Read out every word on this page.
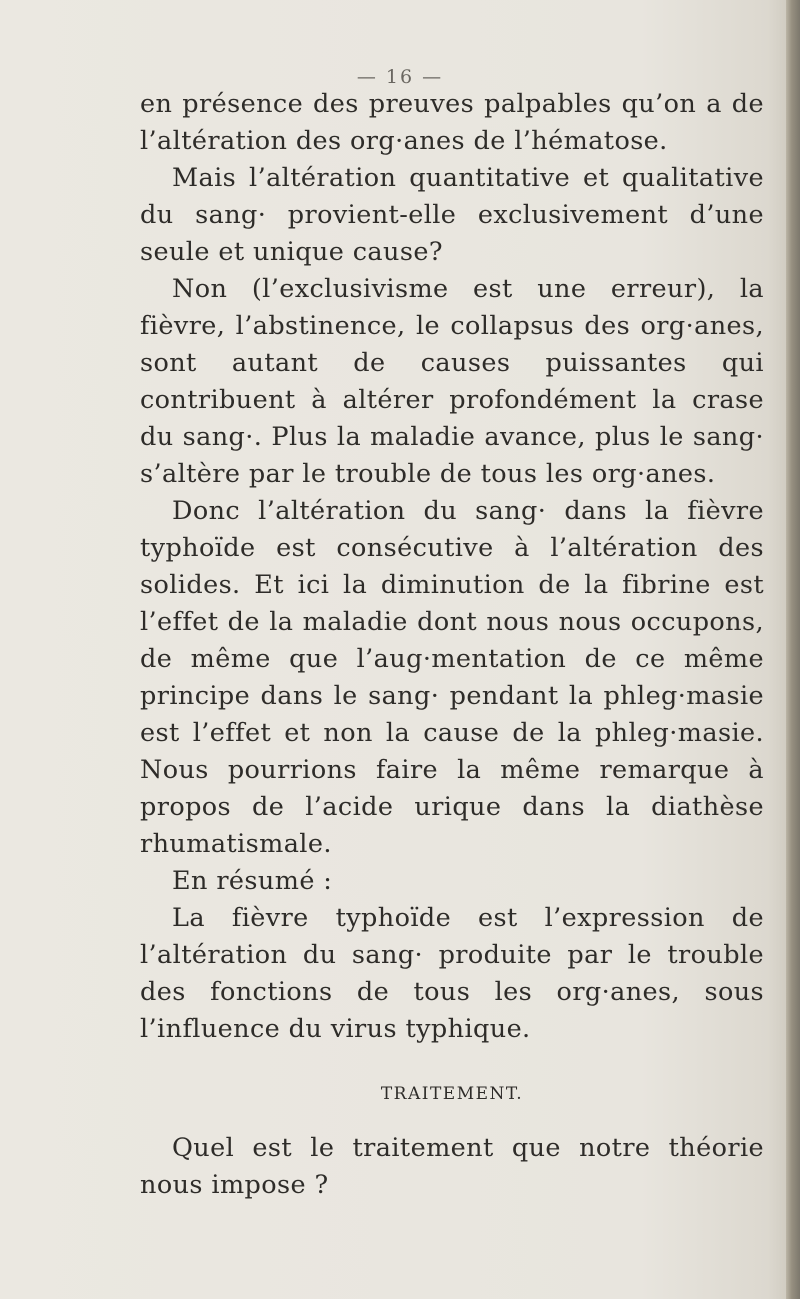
— 16 —

en présence des preuves palpables qu’on a de l’altération des org·anes de l’hématose.

Mais l’altération quantitative et qualitative du sang· provient-elle exclusivement d’une seule et unique cause?

Non (l’exclusivisme est une erreur), la fièvre, l’abstinence, le collapsus des org·anes, sont autant de causes puissantes qui contribuent à altérer profondément la crase du sang·. Plus la maladie avance, plus le sang· s’altère par le trouble de tous les org·anes.

Donc l’altération du sang· dans la fièvre typhoïde est consécutive à l’altération des solides. Et ici la diminution de la fibrine est l’effet de la maladie dont nous nous occupons, de même que l’aug·mentation de ce même principe dans le sang· pendant la phleg·masie est l’effet et non la cause de la phleg·masie. Nous pourrions faire la même remarque à propos de l’acide urique dans la diathèse rhumatismale.

En résumé :

La fièvre typhoïde est l’expression de l’altération du sang· produite par le trouble des fonctions de tous les org·anes, sous l’influence du virus typhique.

TRAITEMENT.

Quel est le traitement que notre théorie nous impose ?
